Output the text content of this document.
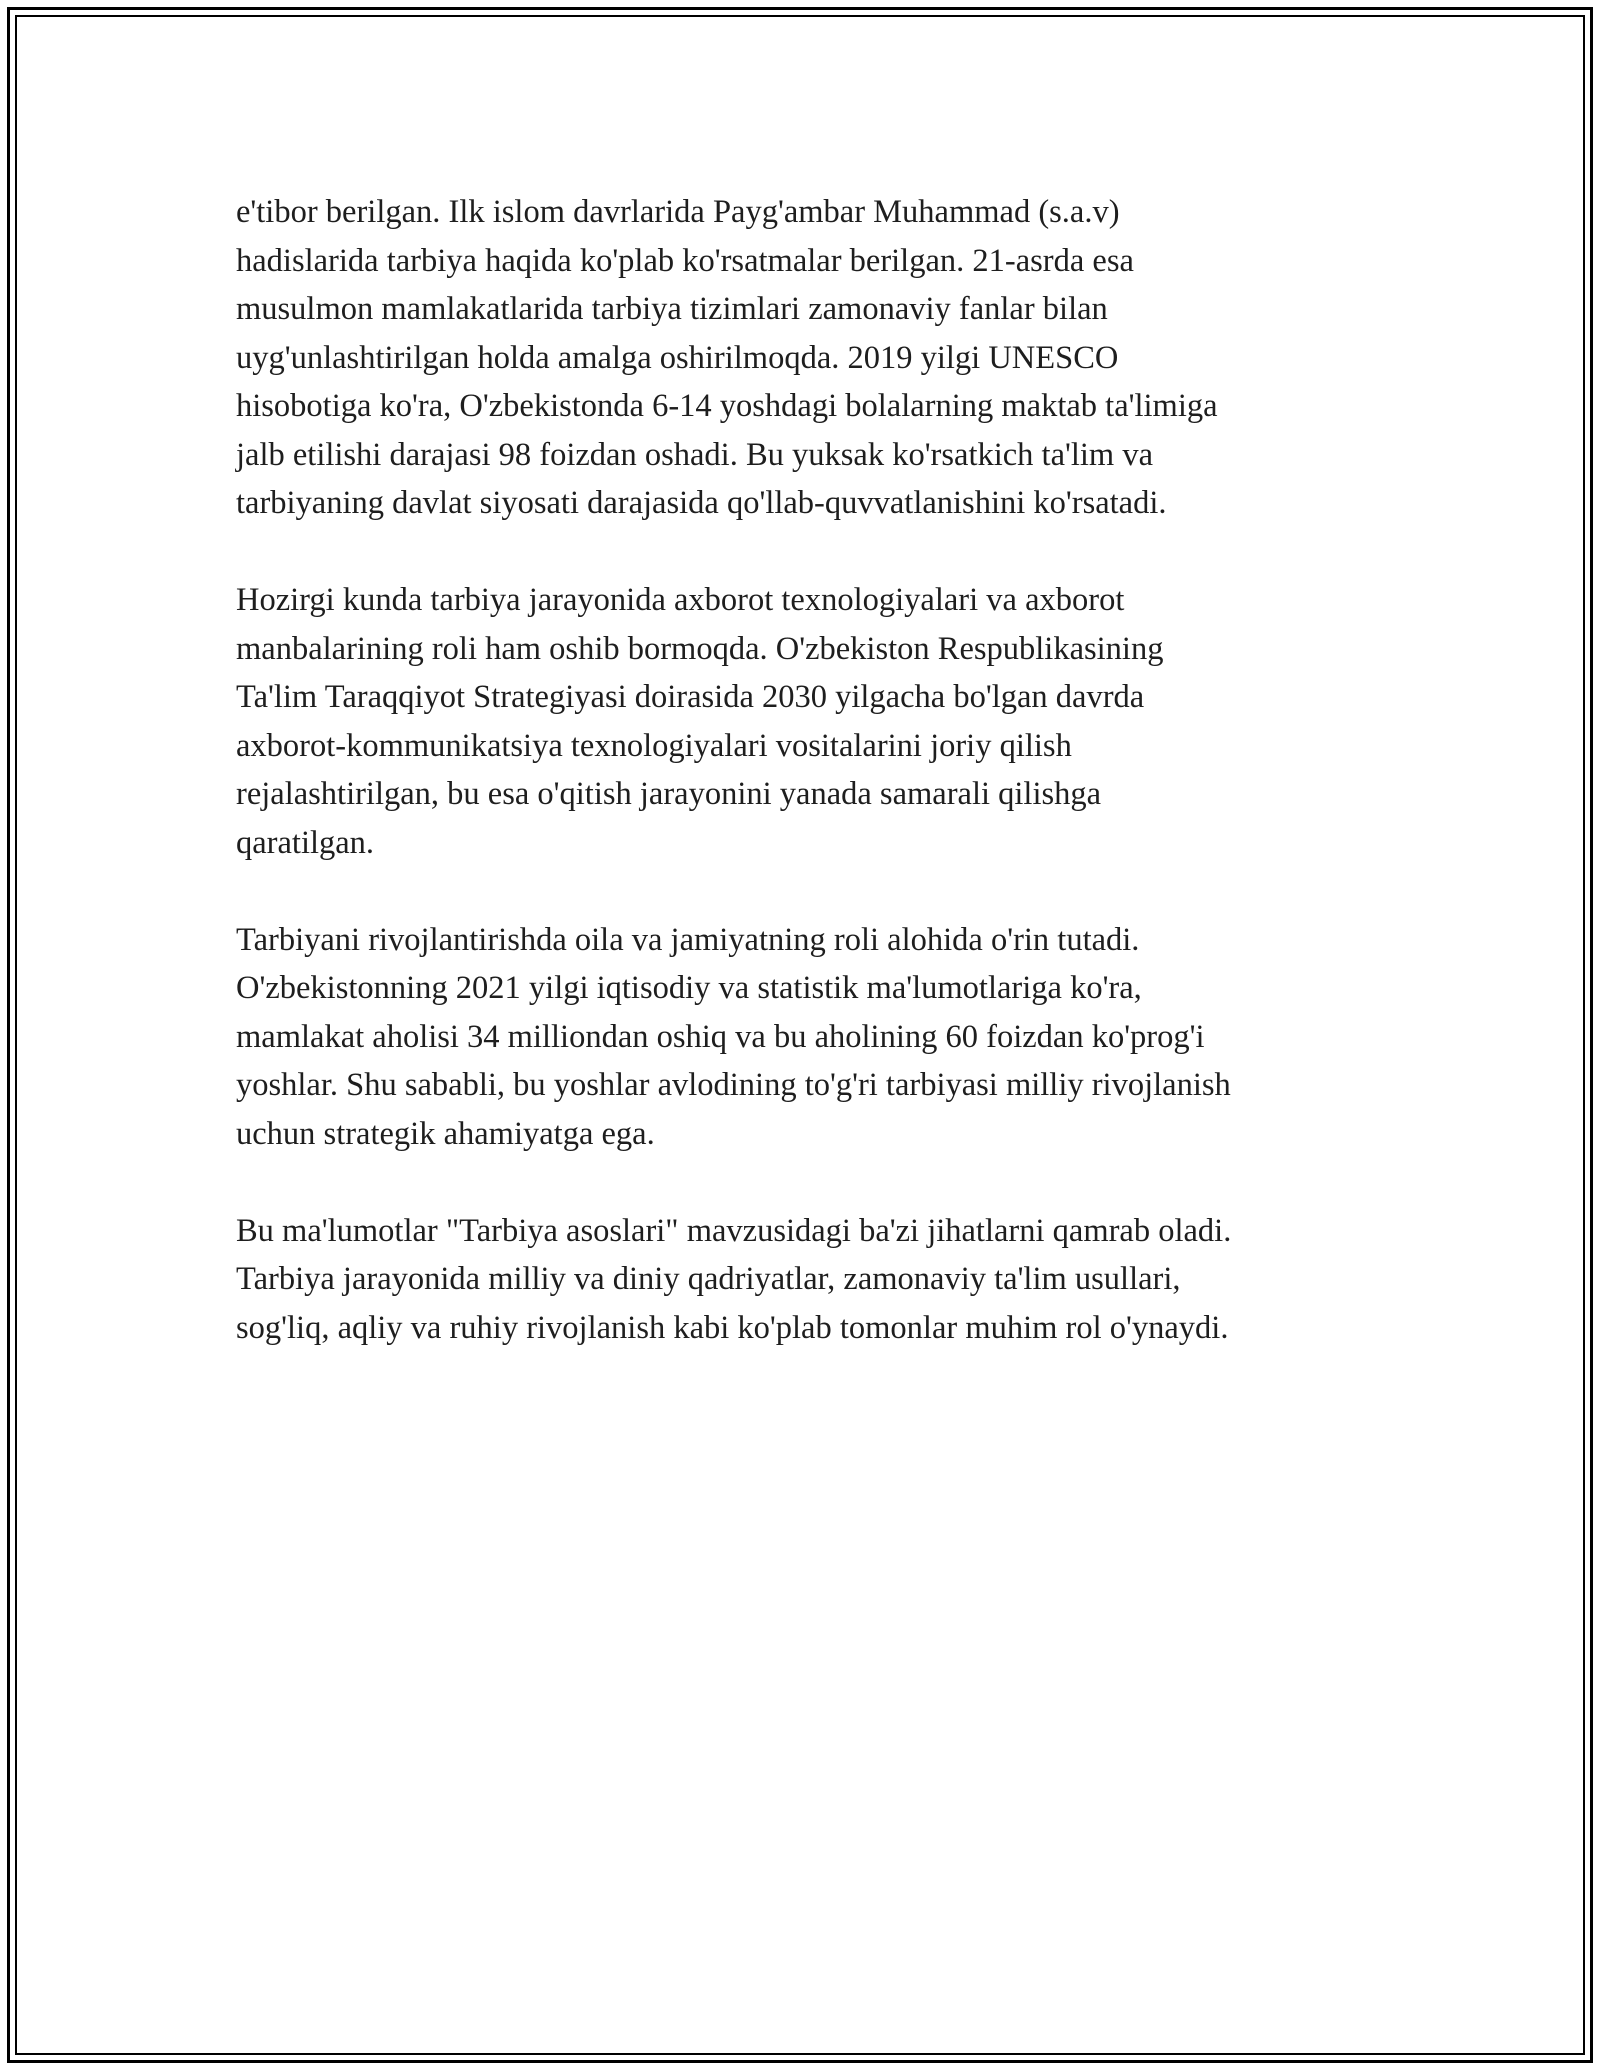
e'tibor berilgan. Ilk islom davrlarida Payg'ambar Muhammad (s.a.v)
hadislarida tarbiya haqida ko'plab ko'rsatmalar berilgan. 21-asrda esa
musulmon mamlakatlarida tarbiya tizimlari zamonaviy fanlar bilan
uyg'unlashtirilgan holda amalga oshirilmoqda. 2019 yilgi UNESCO
hisobotiga ko'ra, O'zbekistonda 6-14 yoshdagi bolalarning maktab ta'limiga
jalb etilishi darajasi 98 foizdan oshadi. Bu yuksak ko'rsatkich ta'lim va
tarbiyaning davlat siyosati darajasida qo'llab-quvvatlanishini ko'rsatadi.

Hozirgi kunda tarbiya jarayonida axborot texnologiyalari va axborot
manbalarining roli ham oshib bormoqda. O'zbekiston Respublikasining
Ta'lim Taraqqiyot Strategiyasi doirasida 2030 yilgacha bo'lgan davrda
axborot-kommunikatsiya texnologiyalari vositalarini joriy qilish
rejalashtirilgan, bu esa o'qitish jarayonini yanada samarali qilishga
qaratilgan.

Tarbiyani rivojlantirishda oila va jamiyatning roli alohida o'rin tutadi.
O'zbekistonning 2021 yilgi iqtisodiy va statistik ma'lumotlariga ko'ra,
mamlakat aholisi 34 milliondan oshiq va bu aholining 60 foizdan ko'prog'i
yoshlar. Shu sababli, bu yoshlar avlodining to'g'ri tarbiyasi milliy rivojlanish
uchun strategik ahamiyatga ega.

Bu ma'lumotlar "Tarbiya asoslari" mavzusidagi ba'zi jihatlarni qamrab oladi.
Tarbiya jarayonida milliy va diniy qadriyatlar, zamonaviy ta'lim usullari,
sog'liq, aqliy va ruhiy rivojlanish kabi ko'plab tomonlar muhim rol o'ynaydi.
